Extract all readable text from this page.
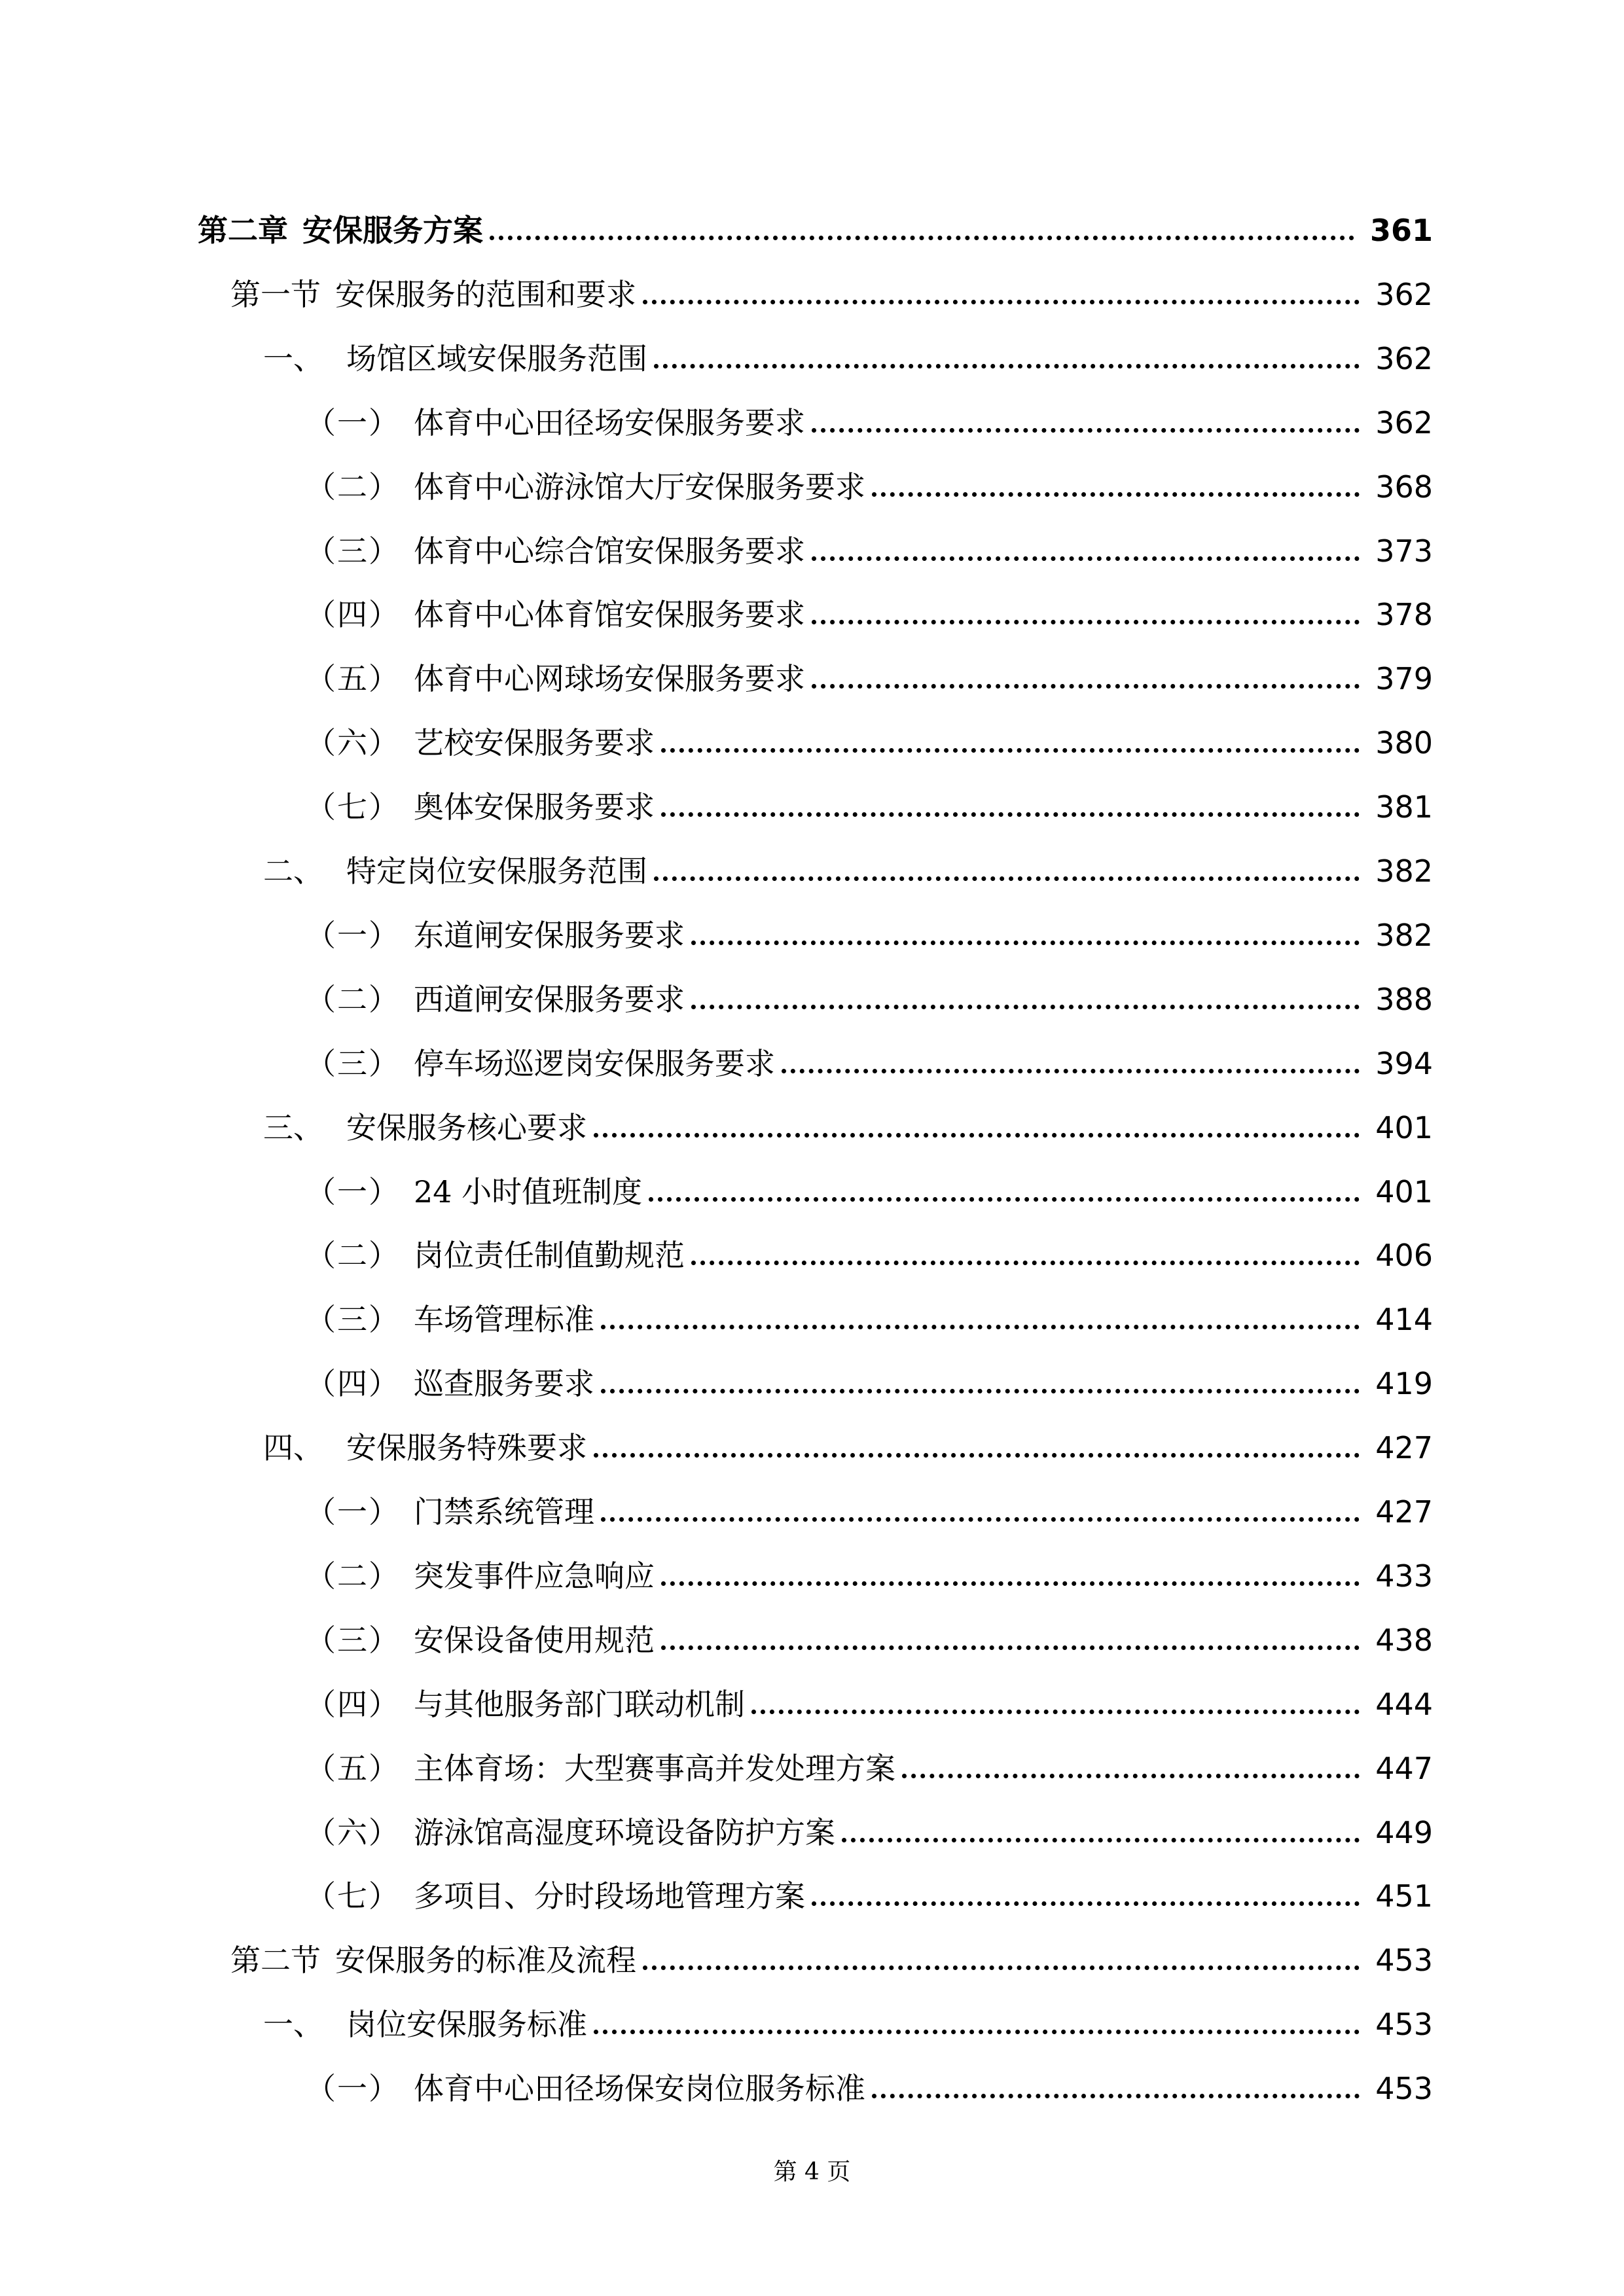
第二章 安保服务方案	361
第一节 安保服务的范围和要求	362
一、 场馆区域安保服务范围	362
（一） 体育中心田径场安保服务要求	362
（二） 体育中心游泳馆大厅安保服务要求	368
（三） 体育中心综合馆安保服务要求	373
（四） 体育中心体育馆安保服务要求	378
（五） 体育中心网球场安保服务要求	379
（六） 艺校安保服务要求	380
（七） 奥体安保服务要求	381
二、 特定岗位安保服务范围	382
（一） 东道闸安保服务要求	382
（二） 西道闸安保服务要求	388
（三） 停车场巡逻岗安保服务要求	394
三、 安保服务核心要求	401
（一） 24 小时值班制度	401
（二） 岗位责任制值勤规范	406
（三） 车场管理标准	414
（四） 巡查服务要求	419
四、 安保服务特殊要求	427
（一） 门禁系统管理	427
（二） 突发事件应急响应	433
（三） 安保设备使用规范	438
（四） 与其他服务部门联动机制	444
（五） 主体育场：大型赛事高并发处理方案	447
（六） 游泳馆高湿度环境设备防护方案	449
（七） 多项目、分时段场地管理方案	451
第二节 安保服务的标准及流程	453
一、 岗位安保服务标准	453
（一） 体育中心田径场保安岗位服务标准	453
第 4 页
